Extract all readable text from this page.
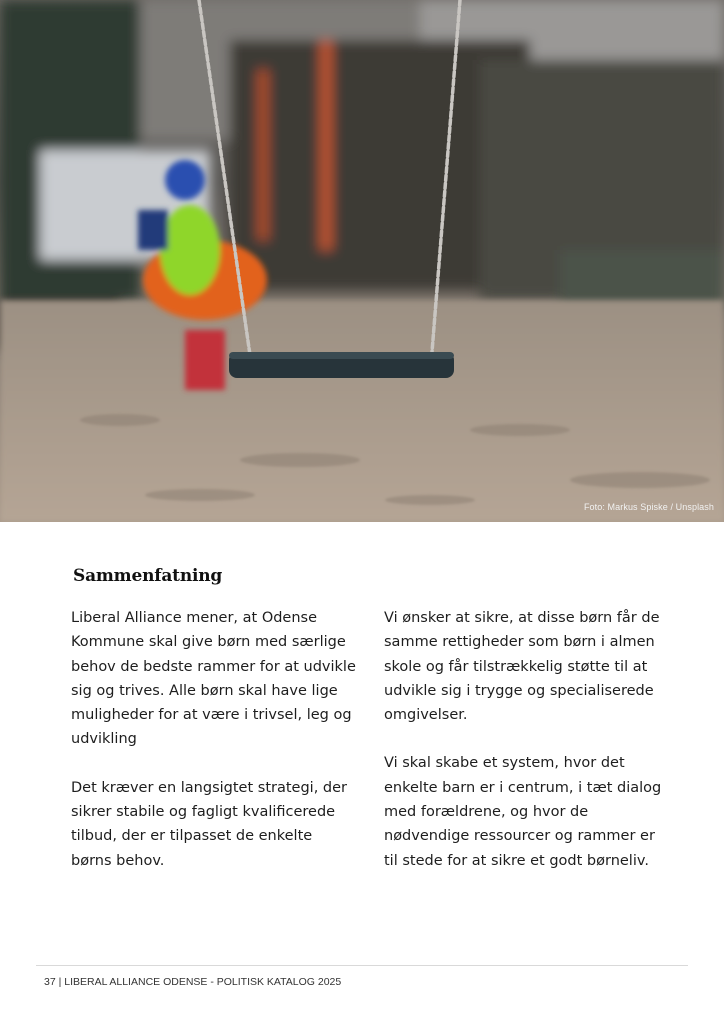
Foto: Markus Spiske / Unsplash
Sammenfatning

Liberal Alliance mener, at Odense Kommune skal give børn med særlige behov de bedste rammer for at udvikle sig og trives. Alle børn skal have lige muligheder for at være i trivsel, leg og udvikling

Det kræver en langsigtet strategi, der sikrer stabile og fagligt kvalificerede tilbud, der er tilpasset de enkelte børns behov.

Vi ønsker at sikre, at disse børn får de samme rettigheder som børn i almen skole og får tilstrækkelig støtte til at udvikle sig i trygge og specialiserede omgivelser.

Vi skal skabe et system, hvor det enkelte barn er i centrum, i tæt dialog med forældrene, og hvor de nødvendige ressourcer og rammer er til stede for at sikre et godt børneliv.

37 | LIBERAL ALLIANCE ODENSE - POLITISK KATALOG 2025
